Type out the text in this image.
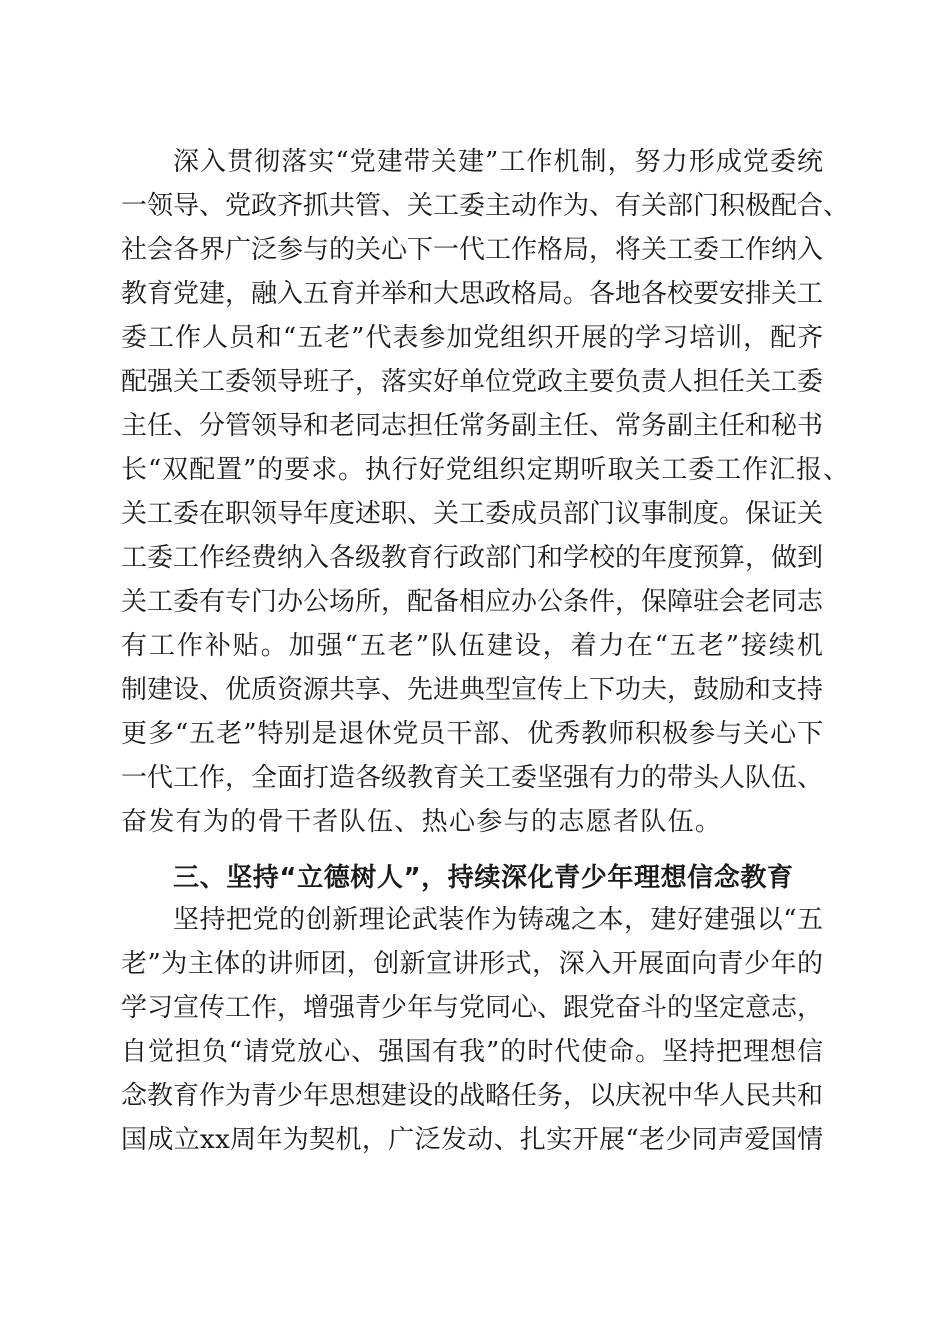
深入贯彻落实“党建带关建”工作机制，努力形成党委统
一领导、党政齐抓共管、关工委主动作为、有关部门积极配合、
社会各界广泛参与的关心下一代工作格局，将关工委工作纳入
教育党建，融入五育并举和大思政格局。各地各校要安排关工
委工作人员和“五老”代表参加党组织开展的学习培训，配齐
配强关工委领导班子，落实好单位党政主要负责人担任关工委
主任、分管领导和老同志担任常务副主任、常务副主任和秘书
长“双配置”的要求。执行好党组织定期听取关工委工作汇报、
关工委在职领导年度述职、关工委成员部门议事制度。保证关
工委工作经费纳入各级教育行政部门和学校的年度预算，做到
关工委有专门办公场所，配备相应办公条件，保障驻会老同志
有工作补贴。加强“五老”队伍建设，着力在“五老”接续机
制建设、优质资源共享、先进典型宣传上下功夫，鼓励和支持
更多“五老”特别是退休党员干部、优秀教师积极参与关心下
一代工作，全面打造各级教育关工委坚强有力的带头人队伍、
奋发有为的骨干者队伍、热心参与的志愿者队伍。
三、坚持“立德树人”，持续深化青少年理想信念教育
坚持把党的创新理论武装作为铸魂之本，建好建强以“五
老”为主体的讲师团，创新宣讲形式，深入开展面向青少年的
学习宣传工作，增强青少年与党同心、跟党奋斗的坚定意志，
自觉担负“请党放心、强国有我”的时代使命。坚持把理想信
念教育作为青少年思想建设的战略任务，以庆祝中华人民共和
国成立xx周年为契机，广泛发动、扎实开展“老少同声爱国情
